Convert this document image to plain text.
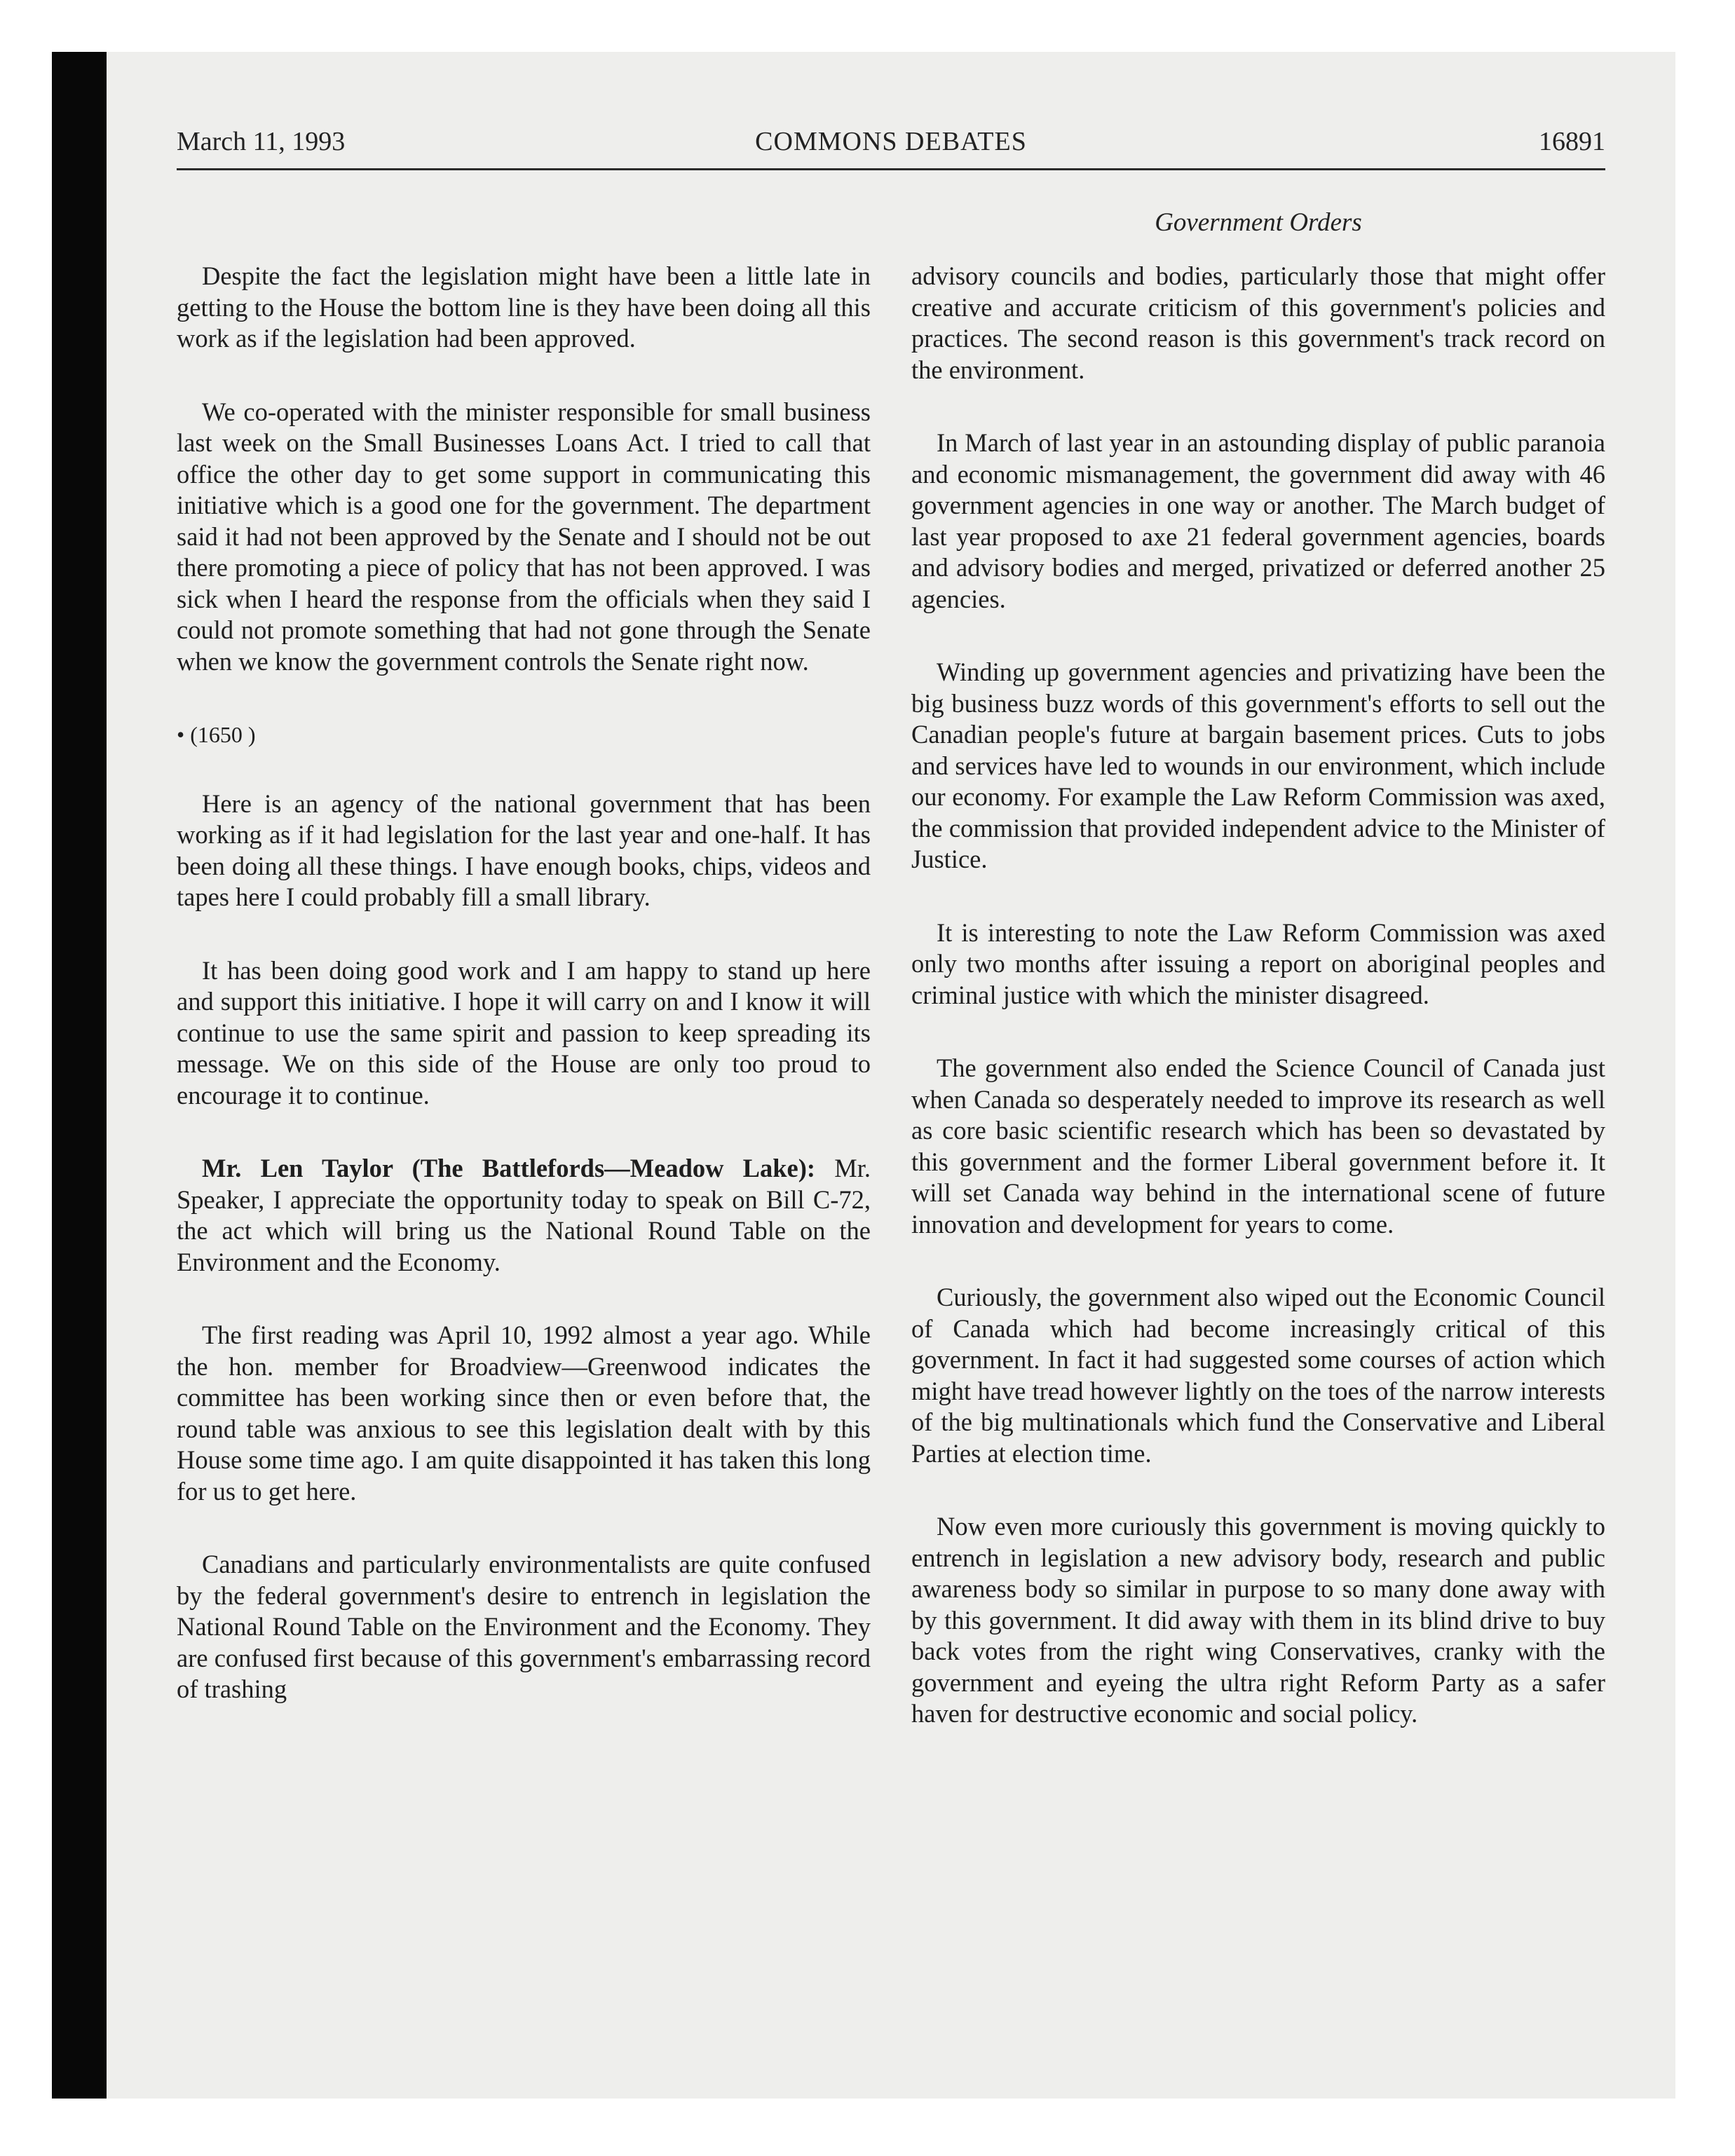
March 11, 1993	COMMONS DEBATES	16891
Government Orders

Despite the fact the legislation might have been a little late in getting to the House the bottom line is they have been doing all this work as if the legislation had been approved.

We co-operated with the minister responsible for small business last week on the Small Businesses Loans Act. I tried to call that office the other day to get some support in communicating this initiative which is a good one for the government. The department said it had not been approved by the Senate and I should not be out there promoting a piece of policy that has not been approved. I was sick when I heard the response from the officials when they said I could not promote something that had not gone through the Senate when we know the government controls the Senate right now.

• (1650 )

Here is an agency of the national government that has been working as if it had legislation for the last year and one-half. It has been doing all these things. I have enough books, chips, videos and tapes here I could probably fill a small library.

It has been doing good work and I am happy to stand up here and support this initiative. I hope it will carry on and I know it will continue to use the same spirit and passion to keep spreading its message. We on this side of the House are only too proud to encourage it to continue.

Mr. Len Taylor (The Battlefords—Meadow Lake): Mr. Speaker, I appreciate the opportunity today to speak on Bill C-72, the act which will bring us the National Round Table on the Environment and the Economy.

The first reading was April 10, 1992 almost a year ago. While the hon. member for Broadview—Greenwood indicates the committee has been working since then or even before that, the round table was anxious to see this legislation dealt with by this House some time ago. I am quite disappointed it has taken this long for us to get here.

Canadians and particularly environmentalists are quite confused by the federal government's desire to entrench in legislation the National Round Table on the Environment and the Economy. They are confused first because of this government's embarrassing record of trashing

advisory councils and bodies, particularly those that might offer creative and accurate criticism of this government's policies and practices. The second reason is this government's track record on the environment.

In March of last year in an astounding display of public paranoia and economic mismanagement, the government did away with 46 government agencies in one way or another. The March budget of last year proposed to axe 21 federal government agencies, boards and advisory bodies and merged, privatized or deferred another 25 agencies.

Winding up government agencies and privatizing have been the big business buzz words of this government's efforts to sell out the Canadian people's future at bargain basement prices. Cuts to jobs and services have led to wounds in our environment, which include our economy. For example the Law Reform Commission was axed, the commission that provided independent advice to the Minister of Justice.

It is interesting to note the Law Reform Commission was axed only two months after issuing a report on aboriginal peoples and criminal justice with which the minister disagreed.

The government also ended the Science Council of Canada just when Canada so desperately needed to improve its research as well as core basic scientific research which has been so devastated by this government and the former Liberal government before it. It will set Canada way behind in the international scene of future innovation and development for years to come.

Curiously, the government also wiped out the Economic Council of Canada which had become increasingly critical of this government. In fact it had suggested some courses of action which might have tread however lightly on the toes of the narrow interests of the big multinationals which fund the Conservative and Liberal Parties at election time.

Now even more curiously this government is moving quickly to entrench in legislation a new advisory body, research and public awareness body so similar in purpose to so many done away with by this government. It did away with them in its blind drive to buy back votes from the right wing Conservatives, cranky with the government and eyeing the ultra right Reform Party as a safer haven for destructive economic and social policy.
